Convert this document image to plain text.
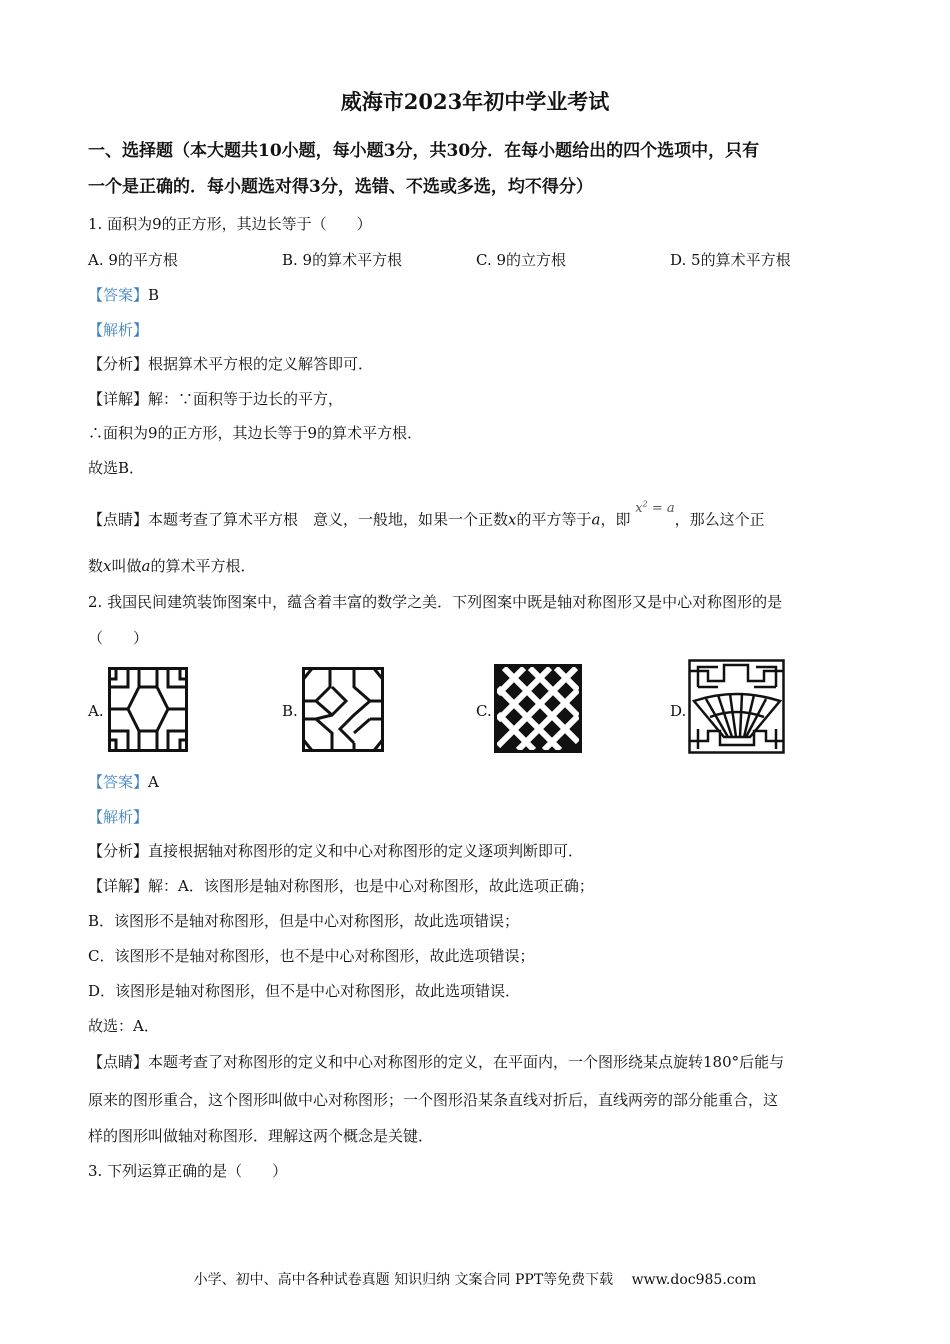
威海市2023年初中学业考试
一、选择题（本大题共10小题，每小题3分，共30分．在每小题给出的四个选项中，只有
一个是正确的．每小题选对得3分，选错、不选或多选，均不得分）
1. 面积为9的正方形，其边长等于（　　）
A. 9的平方根	B. 9的算术平方根	C. 9的立方根	D. 5的算术平方根
【答案】B
【解析】
【分析】根据算术平方根的定义解答即可．
【详解】解：∵面积等于边长的平方，
∴面积为9的正方形，其边长等于9的算术平方根．
故选B．
【点睛】本题考查了算术平方根　意义，一般地，如果一个正数x的平方等于a，即 $x^2 = a$，那么这个正
数x叫做a的算术平方根．
2. 我国民间建筑装饰图案中，蕴含着丰富的数学之美．下列图案中既是轴对称图形又是中心对称图形的是
（　　）
A.	B.	C.	D.
【答案】A
【解析】
【分析】直接根据轴对称图形的定义和中心对称图形的定义逐项判断即可．
【详解】解：A．该图形是轴对称图形，也是中心对称图形，故此选项正确；
B．该图形不是轴对称图形，但是中心对称图形，故此选项错误；
C．该图形不是轴对称图形，也不是中心对称图形，故此选项错误；
D．该图形是轴对称图形，但不是中心对称图形，故此选项错误．
故选：A．
【点睛】本题考查了对称图形的定义和中心对称图形的定义，在平面内，一个图形绕某点旋转180°后能与
原来的图形重合，这个图形叫做中心对称图形；一个图形沿某条直线对折后，直线两旁的部分能重合，这
样的图形叫做轴对称图形．理解这两个概念是关键．
3. 下列运算正确的是（　　）
小学、初中、高中各种试卷真题 知识归纳 文案合同 PPT等免费下载　 www.doc985.com
